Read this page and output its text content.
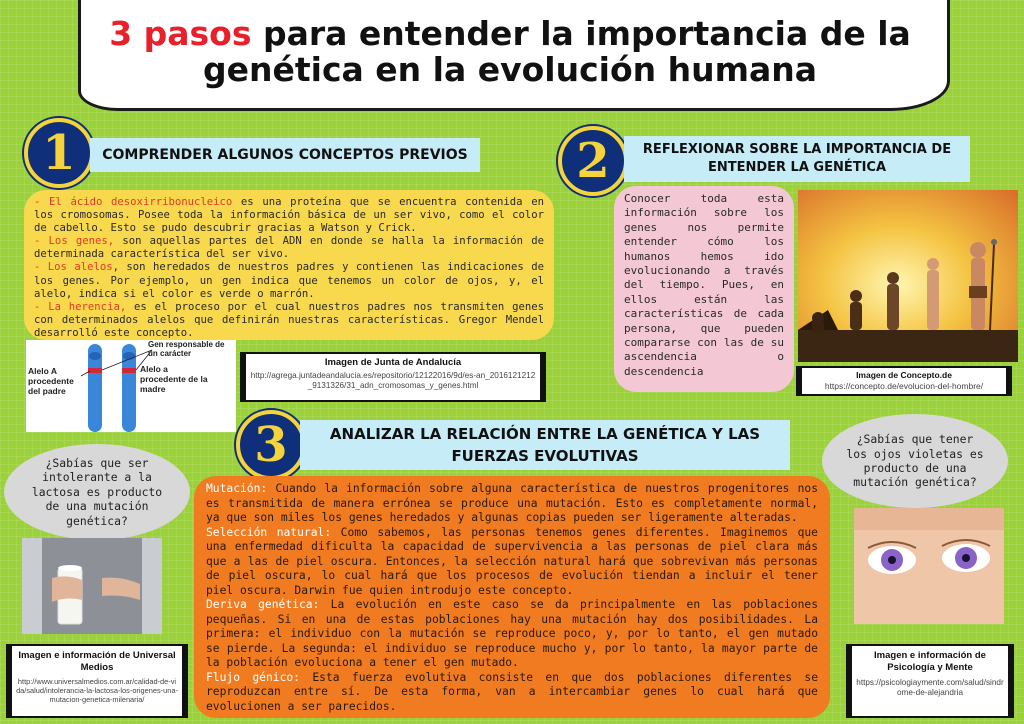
3 pasos para entender la importancia de la
genética en la evolución humana
1	COMPRENDER ALGUNOS CONCEPTOS PREVIOS
- El ácido desoxirribonucleico es una proteína que se encuentra contenida en los cromosomas. Posee toda la información básica de un ser vivo, como el color de cabello. Esto se pudo descubrir gracias a Watson y Crick.
- Los genes, son aquellas partes del ADN en donde se halla la información de determinada característica del ser vivo.
- Los alelos, son heredados de nuestros padres y contienen las indicaciones de los genes. Por ejemplo, un gen indica que tenemos un color de ojos, y, el alelo, indica si el color es verde o marrón.
- La herencia, es el proceso por el cual nuestros padres nos transmiten genes con determinados alelos que definirán nuestras características. Gregor Mendel desarrolló este concepto.
Gen responsable de un carácter
Alelo A procedente del padre
Alelo a procedente de la madre
Imagen de Junta de Andalucía
http://agrega.juntadeandalucia.es/repositorio/12122016/9d/es-an_2016121212_9131326/31_adn_cromosomas_y_genes.html
2	REFLEXIONAR SOBRE LA IMPORTANCIA DE ENTENDER LA GENÉTICA
Conocer toda esta información sobre los genes nos permite entender cómo los humanos hemos ido evolucionando a través del tiempo. Pues, en ellos están las características de cada persona, que pueden compararse con las de su ascendencia o descendencia	Imagen de Concepto.de
https://concepto.de/evolucion-del-hombre/
3	ANALIZAR LA RELACIÓN ENTRE LA GENÉTICA Y LAS FUERZAS EVOLUTIVAS
Mutación: Cuando la información sobre alguna característica de nuestros progenitores nos es transmitida de manera errónea se produce una mutación. Esto es completamente normal, ya que son miles los genes heredados y algunas copias pueden ser ligeramente alteradas.
Selección natural: Como sabemos, las personas tenemos genes diferentes. Imaginemos que una enfermedad dificulta la capacidad de supervivencia a las personas de piel clara más que a las de piel oscura. Entonces, la selección natural hará que sobrevivan más personas de piel oscura, lo cual hará que los procesos de evolución tiendan a incluir el tener piel oscura. Darwin fue quien introdujo este concepto.
Deriva genética: La evolución en este caso se da principalmente en las poblaciones pequeñas. Si en una de estas poblaciones hay una mutación hay dos posibilidades. La primera: el individuo con la mutación se reproduce poco, y, por lo tanto, el gen mutado se pierde. La segunda: el individuo se reproduce mucho y, por lo tanto, la mayor parte de la población evoluciona a tener el gen mutado.
Flujo génico: Esta fuerza evolutiva consiste en que dos poblaciones diferentes se reproduzcan entre sí. De esta forma, van a intercambiar genes lo cual hará que evolucionen a ser parecidos.
¿Sabías que ser intolerante a la lactosa es producto de una mutación genética?
Imagen e información de Universal Medios
http://www.universalmedios.com.ar/calidad-de-vida/salud/intolerancia-la-lactosa-los-origenes-una-mutacion-genetica-milenaria/
¿Sabías que tener los ojos violetas es producto de una mutación genética?
Imagen e información de Psicología y Mente
https://psicologiaymente.com/salud/sindrome-de-alejandria
